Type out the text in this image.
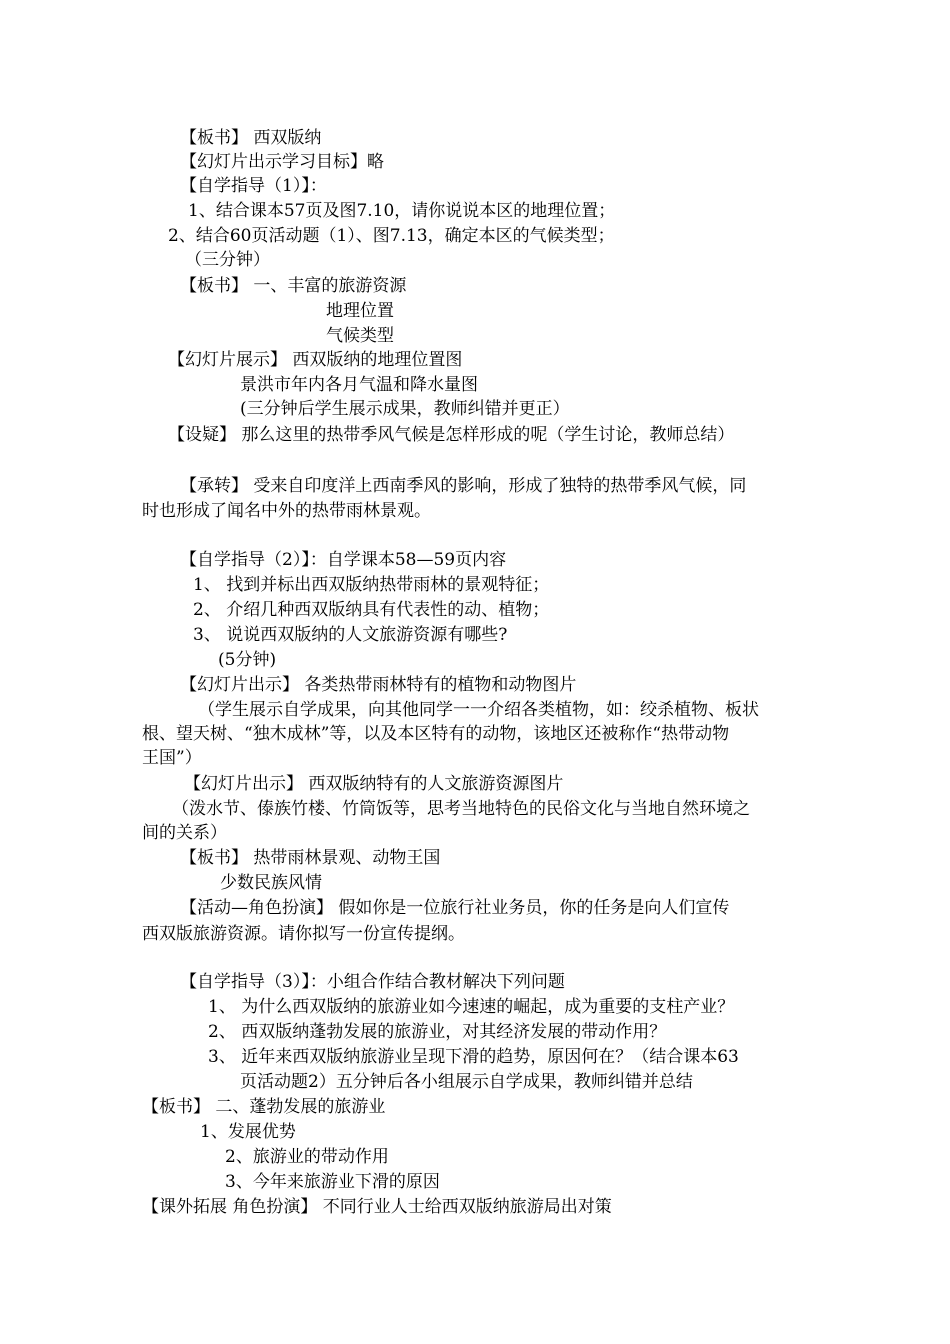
【板书】 西双版纳
【幻灯片出示学习目标】略
【自学指导（1）】：
1、结合课本57页及图7.10，请你说说本区的地理位置；
2、结合60页活动题（1）、图7.13，确定本区的气候类型；
（三分钟）
【板书】 一、丰富的旅游资源
地理位置
气候类型
【幻灯片展示】 西双版纳的地理位置图
景洪市年内各月气温和降水量图
(三分钟后学生展示成果，教师纠错并更正）
【设疑】 那么这里的热带季风气候是怎样形成的呢（学生讨论，教师总结）
【承转】 受来自印度洋上西南季风的影响，形成了独特的热带季风气候，同
时也形成了闻名中外的热带雨林景观。
【自学指导（2）】：自学课本58—59页内容
1、 找到并标出西双版纳热带雨林的景观特征；
2、 介绍几种西双版纳具有代表性的动、植物；
3、 说说西双版纳的人文旅游资源有哪些?
(5分钟)
【幻灯片出示】 各类热带雨林特有的植物和动物图片
（学生展示自学成果，向其他同学一一介绍各类植物，如：绞杀植物、板状
根、望天树、“独木成林”等，以及本区特有的动物，该地区还被称作“热带动物
王国”）
【幻灯片出示】 西双版纳特有的人文旅游资源图片
（泼水节、傣族竹楼、竹筒饭等，思考当地特色的民俗文化与当地自然环境之
间的关系）
【板书】 热带雨林景观、动物王国
少数民族风情
【活动—角色扮演】 假如你是一位旅行社业务员，你的任务是向人们宣传
西双版旅游资源。请你拟写一份宣传提纲。
【自学指导（3）】：小组合作结合教材解决下列问题
1、 为什么西双版纳的旅游业如今速速的崛起，成为重要的支柱产业？
2、 西双版纳蓬勃发展的旅游业，对其经济发展的带动作用？
3、 近年来西双版纳旅游业呈现下滑的趋势，原因何在？（结合课本63
页活动题2）五分钟后各小组展示自学成果，教师纠错并总结
【板书】 二、蓬勃发展的旅游业
1、发展优势
2、旅游业的带动作用
3、今年来旅游业下滑的原因
【课外拓展 角色扮演】 不同行业人士给西双版纳旅游局出对策
